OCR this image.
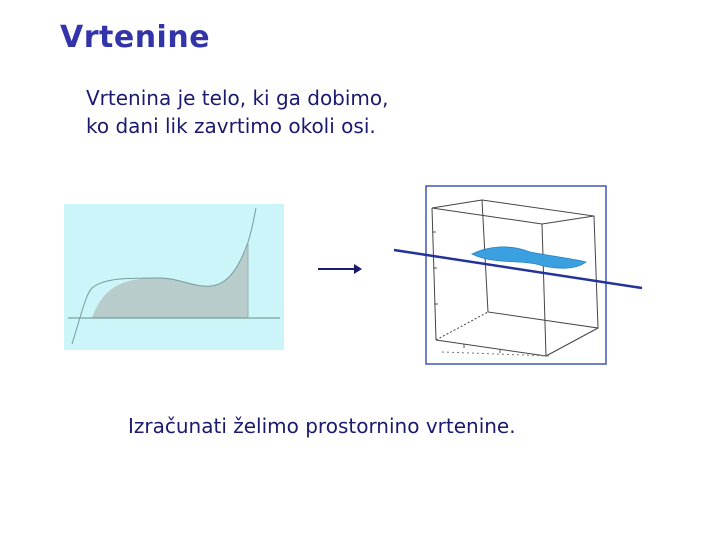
Vrtenine
Vrtenina je telo, ki ga dobimo,
ko dani lik zavrtimo okoli osi.
Izračunati želimo prostornino vrtenine.
